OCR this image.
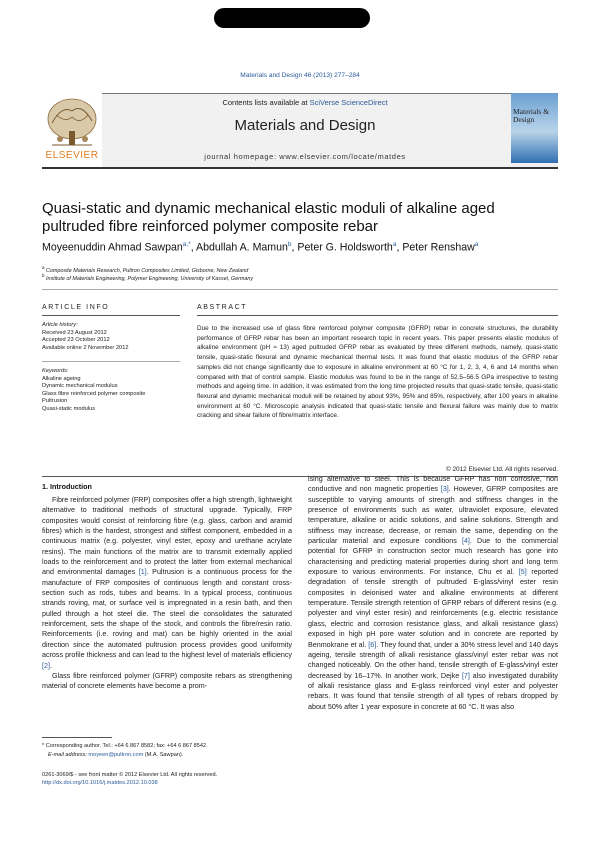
Materials and Design 46 (2013) 277–284
ELSEVIER
Contents lists available at SciVerse ScienceDirect
Materials and Design
journal homepage: www.elsevier.com/locate/matdes
Materials & Design
Quasi-static and dynamic mechanical elastic moduli of alkaline aged pultruded fibre reinforced polymer composite rebar
Moyeenuddin Ahmad Sawpan$^{a,*}$, Abdullah A. Mamun$^b$, Peter G. Holdsworth$^a$, Peter Renshaw$^a$
$^a$ Composite Materials Research, Pultron Composites Limited, Gisborne, New Zealand
$^b$ Institute of Materials Engineering, Polymer Engineering, University of Kassel, Germany
ARTICLE INFO	ABSTRACT
Article history:
Received 23 August 2012
Accepted 23 October 2012
Available online 2 November 2012
Keywords:
Alkaline ageing
Dynamic mechanical modulus
Glass fibre reinforced polymer composite
Pultrusion
Quasi-static modulus
Due to the increased use of glass fibre reinforced polymer composite (GFRP) rebar in concrete structures, the durability performance of GFRP rebar has been an important research topic in recent years. This paper presents elastic modulus of alkaline environment (pH ≈ 13) aged pultruded GFRP rebar as evaluated by three different methods, namely, quasi-static tensile, quasi-static flexural and dynamic mechanical thermal tests. It was found that elastic modulus of the GFRP rebar samples did not change significantly due to exposure in alkaline environment at 60 °C for 1, 2, 3, 4, 6 and 14 months when compared with that of control sample. Elastic modulus was found to be in the range of 52.5–56.5 GPa irrespective to testing methods and ageing time. In addition, it was estimated from the long time projected results that quasi-static tensile, quasi-static flexural and dynamic mechanical moduli will be retained by about 93%, 95% and 85%, respectively, after 100 years in alkaline environment at 60 °C. Microscopic analysis indicated that quasi-static tensile and flexural failure was mainly due to matrix cracking and shear failure of fibre/matrix interface.
© 2012 Elsevier Ltd. All rights reserved.
1. Introduction

Fibre reinforced polymer (FRP) composites offer a high strength, lightweight alternative to traditional methods of structural upgrade. Typically, FRP composites would consist of reinforcing fibre (e.g. glass, carbon and aramid fibres) which is the hardest, strongest and stiffest component, embedded in a continuous matrix (e.g. polyester, vinyl ester, epoxy and urethane acrylate resins). The main functions of the matrix are to transmit externally applied loads to the reinforcement and to protect the latter from external mechanical and environmental damages [1]. Pultrusion is a continuous process for the manufacture of FRP composites of continuous length and constant cross-section such as rods, tubes and beams. In a typical process, continuous strands roving, mat, or surface veil is impregnated in a resin bath, and then pulled through a hot steel die. The steel die consolidates the saturated reinforcement, sets the shape of the stock, and controls the fibre/resin ratio. Reinforcements (i.e. roving and mat) can be highly oriented in the axial direction since the automated pultrusion process provides good uniformity across profile thickness and can lead to the highest level of materials efficiency [2].

Glass fibre reinforced polymer (GFRP) composite rebars as strengthening material of concrete elements have become a prom-

ising alternative to steel. This is because GFRP has non corrosive, non conductive and non magnetic properties [3]. However, GFRP composites are susceptible to varying amounts of strength and stiffness changes in the presence of environments such as water, ultraviolet exposure, elevated temperature, alkaline or acidic solutions, and saline solutions. Strength and stiffness may increase, decrease, or remain the same, depending on the particular material and exposure conditions [4]. Due to the commercial potential for GFRP in construction sector much research has gone into characterising and predicting material properties during short and long term exposure to various environments. For instance, Chu et al. [5] reported degradation of tensile strength of pultruded E-glass/vinyl ester resin composites in deionised water and alkaline environments at different temperature. Tensile strength retention of GFRP rebars of different resins (e.g. polyester and vinyl ester resin) and reinforcements (e.g. electric resistance glass, electric and corrosion resistance glass, and alkali resistance glass) exposed in high pH pore water solution and in concrete are reported by Benmokrane et al. [6]. They found that, under a 30% stress level and 140 days ageing, tensile strength of alkali resistance glass/vinyl ester rebar was not changed noticeably. On the other hand, tensile strength of E-glass/vinyl ester decreased by 16–17%. In another work, Dejke [7] also investigated durability of alkali resistance glass and E-glass reinforced vinyl ester and polyester rebars. It was found that tensile strength of all types of rebars dropped by about 50% after 1 year exposure in concrete at 60 °C. It was also

* Corresponding author. Tel.: +64 6 867 8582; fax: +64 6 867 8542.
E-mail address: moyeen@pultron.com (M.A. Sawpan).
0261-3069/$ - see front matter © 2012 Elsevier Ltd. All rights reserved.
http://dx.doi.org/10.1016/j.matdes.2012.10.038
